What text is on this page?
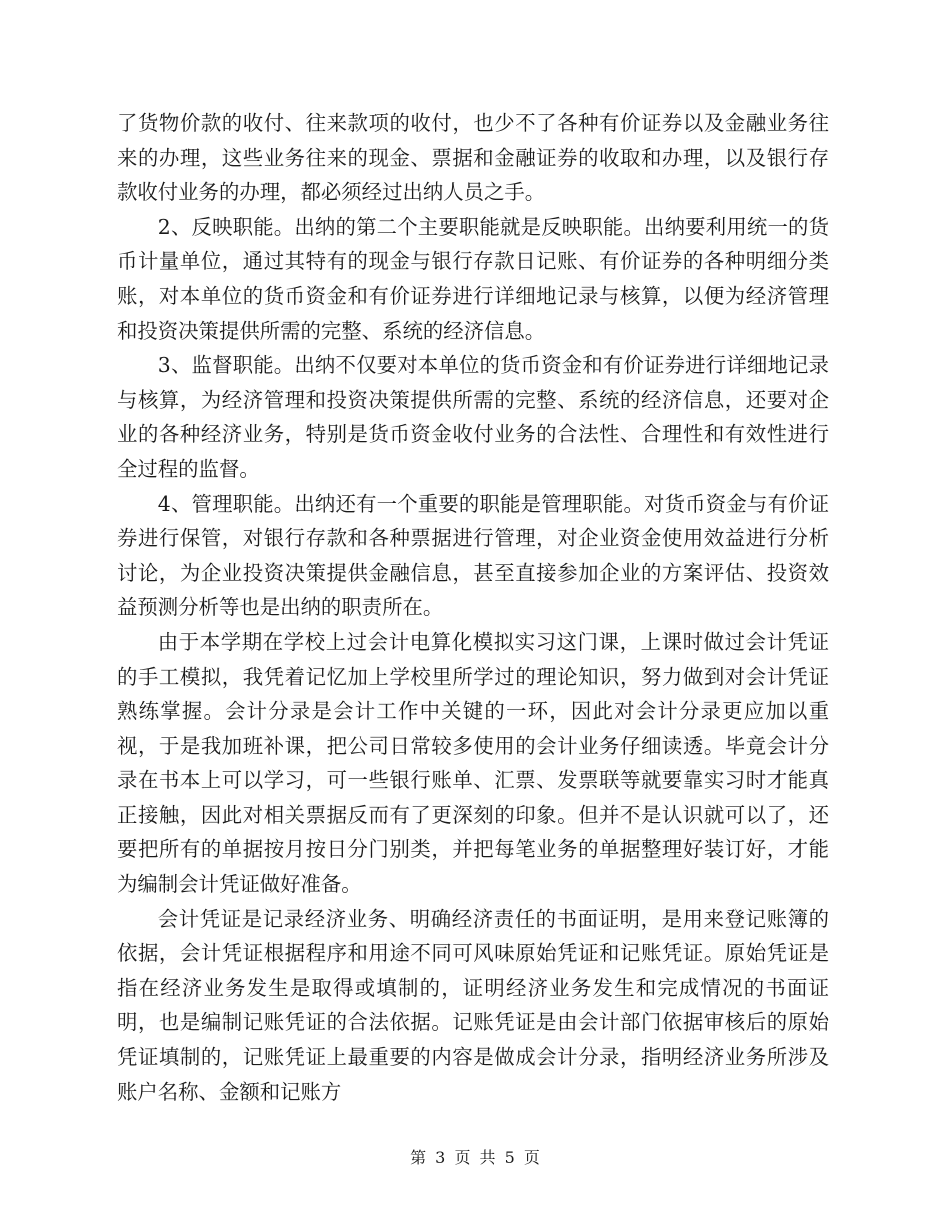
了货物价款的收付、往来款项的收付，也少不了各种有价证券以及金融业务往来的办理，这些业务往来的现金、票据和金融证券的收取和办理，以及银行存款收付业务的办理，都必须经过出纳人员之手。

2、反映职能。出纳的第二个主要职能就是反映职能。出纳要利用统一的货币计量单位，通过其特有的现金与银行存款日记账、有价证券的各种明细分类账，对本单位的货币资金和有价证券进行详细地记录与核算，以便为经济管理和投资决策提供所需的完整、系统的经济信息。

3、监督职能。出纳不仅要对本单位的货币资金和有价证券进行详细地记录与核算，为经济管理和投资决策提供所需的完整、系统的经济信息，还要对企业的各种经济业务，特别是货币资金收付业务的合法性、合理性和有效性进行全过程的监督。

4、管理职能。出纳还有一个重要的职能是管理职能。对货币资金与有价证券进行保管，对银行存款和各种票据进行管理，对企业资金使用效益进行分析讨论，为企业投资决策提供金融信息，甚至直接参加企业的方案评估、投资效益预测分析等也是出纳的职责所在。

由于本学期在学校上过会计电算化模拟实习这门课，上课时做过会计凭证的手工模拟，我凭着记忆加上学校里所学过的理论知识，努力做到对会计凭证熟练掌握。会计分录是会计工作中关键的一环，因此对会计分录更应加以重视，于是我加班补课，把公司日常较多使用的会计业务仔细读透。毕竟会计分录在书本上可以学习，可一些银行账单、汇票、发票联等就要靠实习时才能真正接触，因此对相关票据反而有了更深刻的印象。但并不是认识就可以了，还要把所有的单据按月按日分门别类，并把每笔业务的单据整理好装订好，才能为编制会计凭证做好准备。

会计凭证是记录经济业务、明确经济责任的书面证明，是用来登记账簿的依据，会计凭证根据程序和用途不同可风味原始凭证和记账凭证。原始凭证是指在经济业务发生是取得或填制的，证明经济业务发生和完成情况的书面证明，也是编制记账凭证的合法依据。记账凭证是由会计部门依据审核后的原始凭证填制的，记账凭证上最重要的内容是做成会计分录，指明经济业务所涉及账户名称、金额和记账方

第 3 页 共 5 页
